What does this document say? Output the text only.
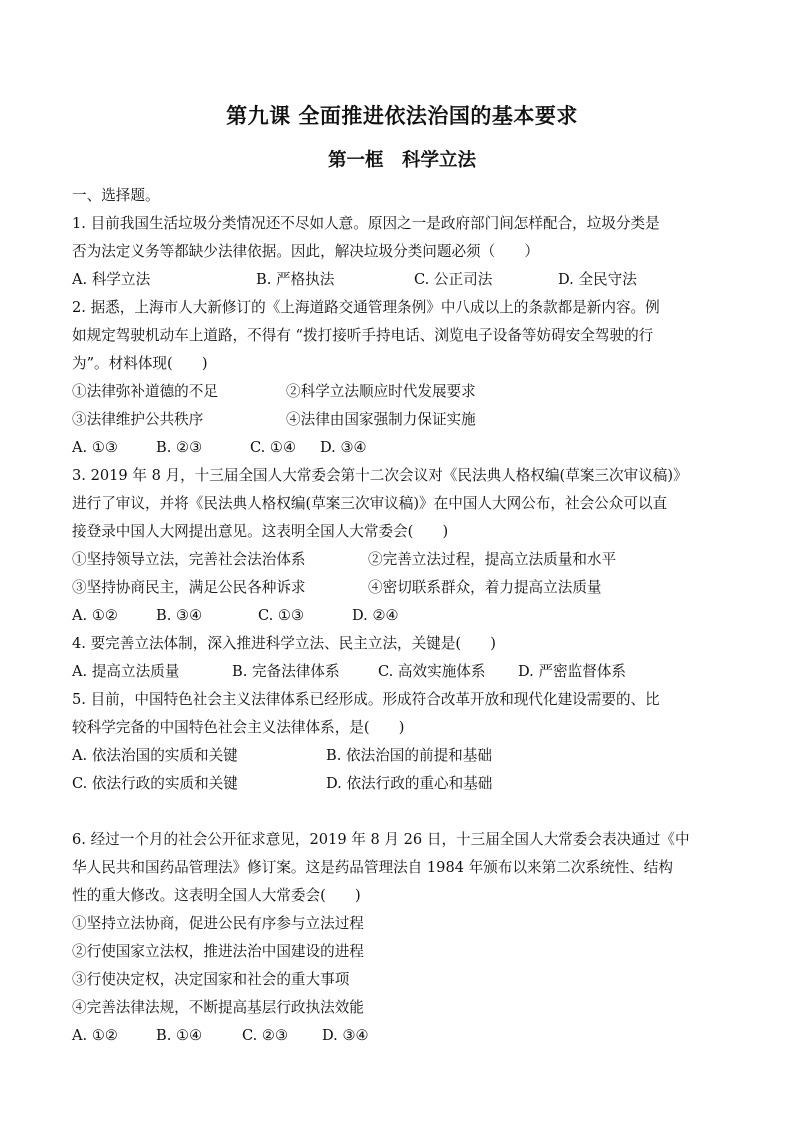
第九课 全面推进依法治国的基本要求
第一框　科学立法
一、选择题。
1. 目前我国生活垃圾分类情况还不尽如人意。原因之一是政府部门间怎样配合，垃圾分类是
否为法定义务等都缺少法律依据。因此，解决垃圾分类问题必须（　　）
A. 科学立法	B. 严格执法	C. 公正司法	D. 全民守法
2. 据悉，上海市人大新修订的《上海道路交通管理条例》中八成以上的条款都是新内容。例
如规定驾驶机动车上道路，不得有 “拨打接听手持电话、浏览电子设备等妨碍安全驾驶的行
为”。材料体现(　　)
①法律弥补道德的不足	②科学立法顺应时代发展要求
③法律维护公共秩序	④法律由国家强制力保证实施
A. ①③	B. ②③	C. ①④ D. ③④
3. 2019 年 8 月，十三届全国人大常委会第十二次会议对《民法典人格权编(草案三次审议稿)》
进行了审议，并将《民法典人格权编(草案三次审议稿)》在中国人大网公布，社会公众可以直
接登录中国人大网提出意见。这表明全国人大常委会(　　)
①坚持领导立法，完善社会法治体系	②完善立法过程，提高立法质量和水平
③坚持协商民主，满足公民各种诉求	④密切联系群众，着力提高立法质量
A. ①②	B. ③④	C. ①③	D. ②④
4. 要完善立法体制，深入推进科学立法、民主立法，关键是(　　)
A. 提高立法质量	B. 完备法律体系	C. 高效实施体系 D. 严密监督体系
5. 目前，中国特色社会主义法律体系已经形成。形成符合改革开放和现代化建设需要的、比
较科学完备的中国特色社会主义法律体系，是(　　)
A. 依法治国的实质和关键	B. 依法治国的前提和基础
C. 依法行政的实质和关键	D. 依法行政的重心和基础
6. 经过一个月的社会公开征求意见，2019 年 8 月 26 日，十三届全国人大常委会表决通过《中
华人民共和国药品管理法》修订案。这是药品管理法自 1984 年颁布以来第二次系统性、结构
性的重大修改。这表明全国人大常委会(　　)
①坚持立法协商，促进公民有序参与立法过程
②行使国家立法权，推进法治中国建设的进程
③行使决定权，决定国家和社会的重大事项
④完善法律法规，不断提高基层行政执法效能
A. ①②	B. ①④	C. ②③ D. ③④
